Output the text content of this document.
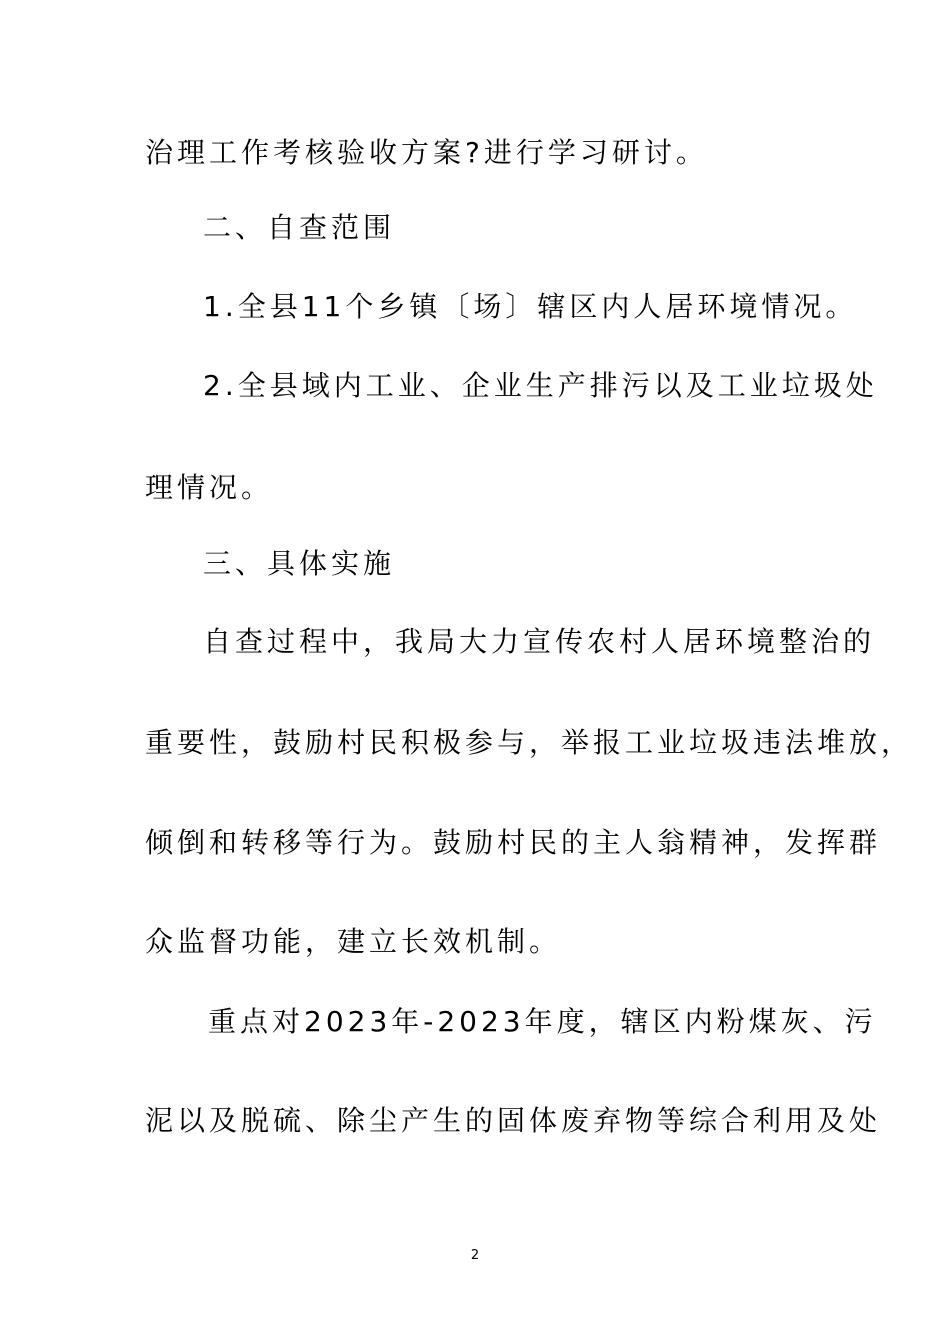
治理工作考核验收方案?进行学习研讨。

二、自查范围

1.全县11个乡镇〔场〕辖区内人居环境情况。

2.全县域内工业、企业生产排污以及工业垃圾处

理情况。

三、具体实施

自查过程中，我局大力宣传农村人居环境整治的

重要性，鼓励村民积极参与，举报工业垃圾违法堆放，

倾倒和转移等行为。鼓励村民的主人翁精神，发挥群

众监督功能，建立长效机制。

重点对2023年-2023年度，辖区内粉煤灰、污

泥以及脱硫、除尘产生的固体废弃物等综合利用及处

2
